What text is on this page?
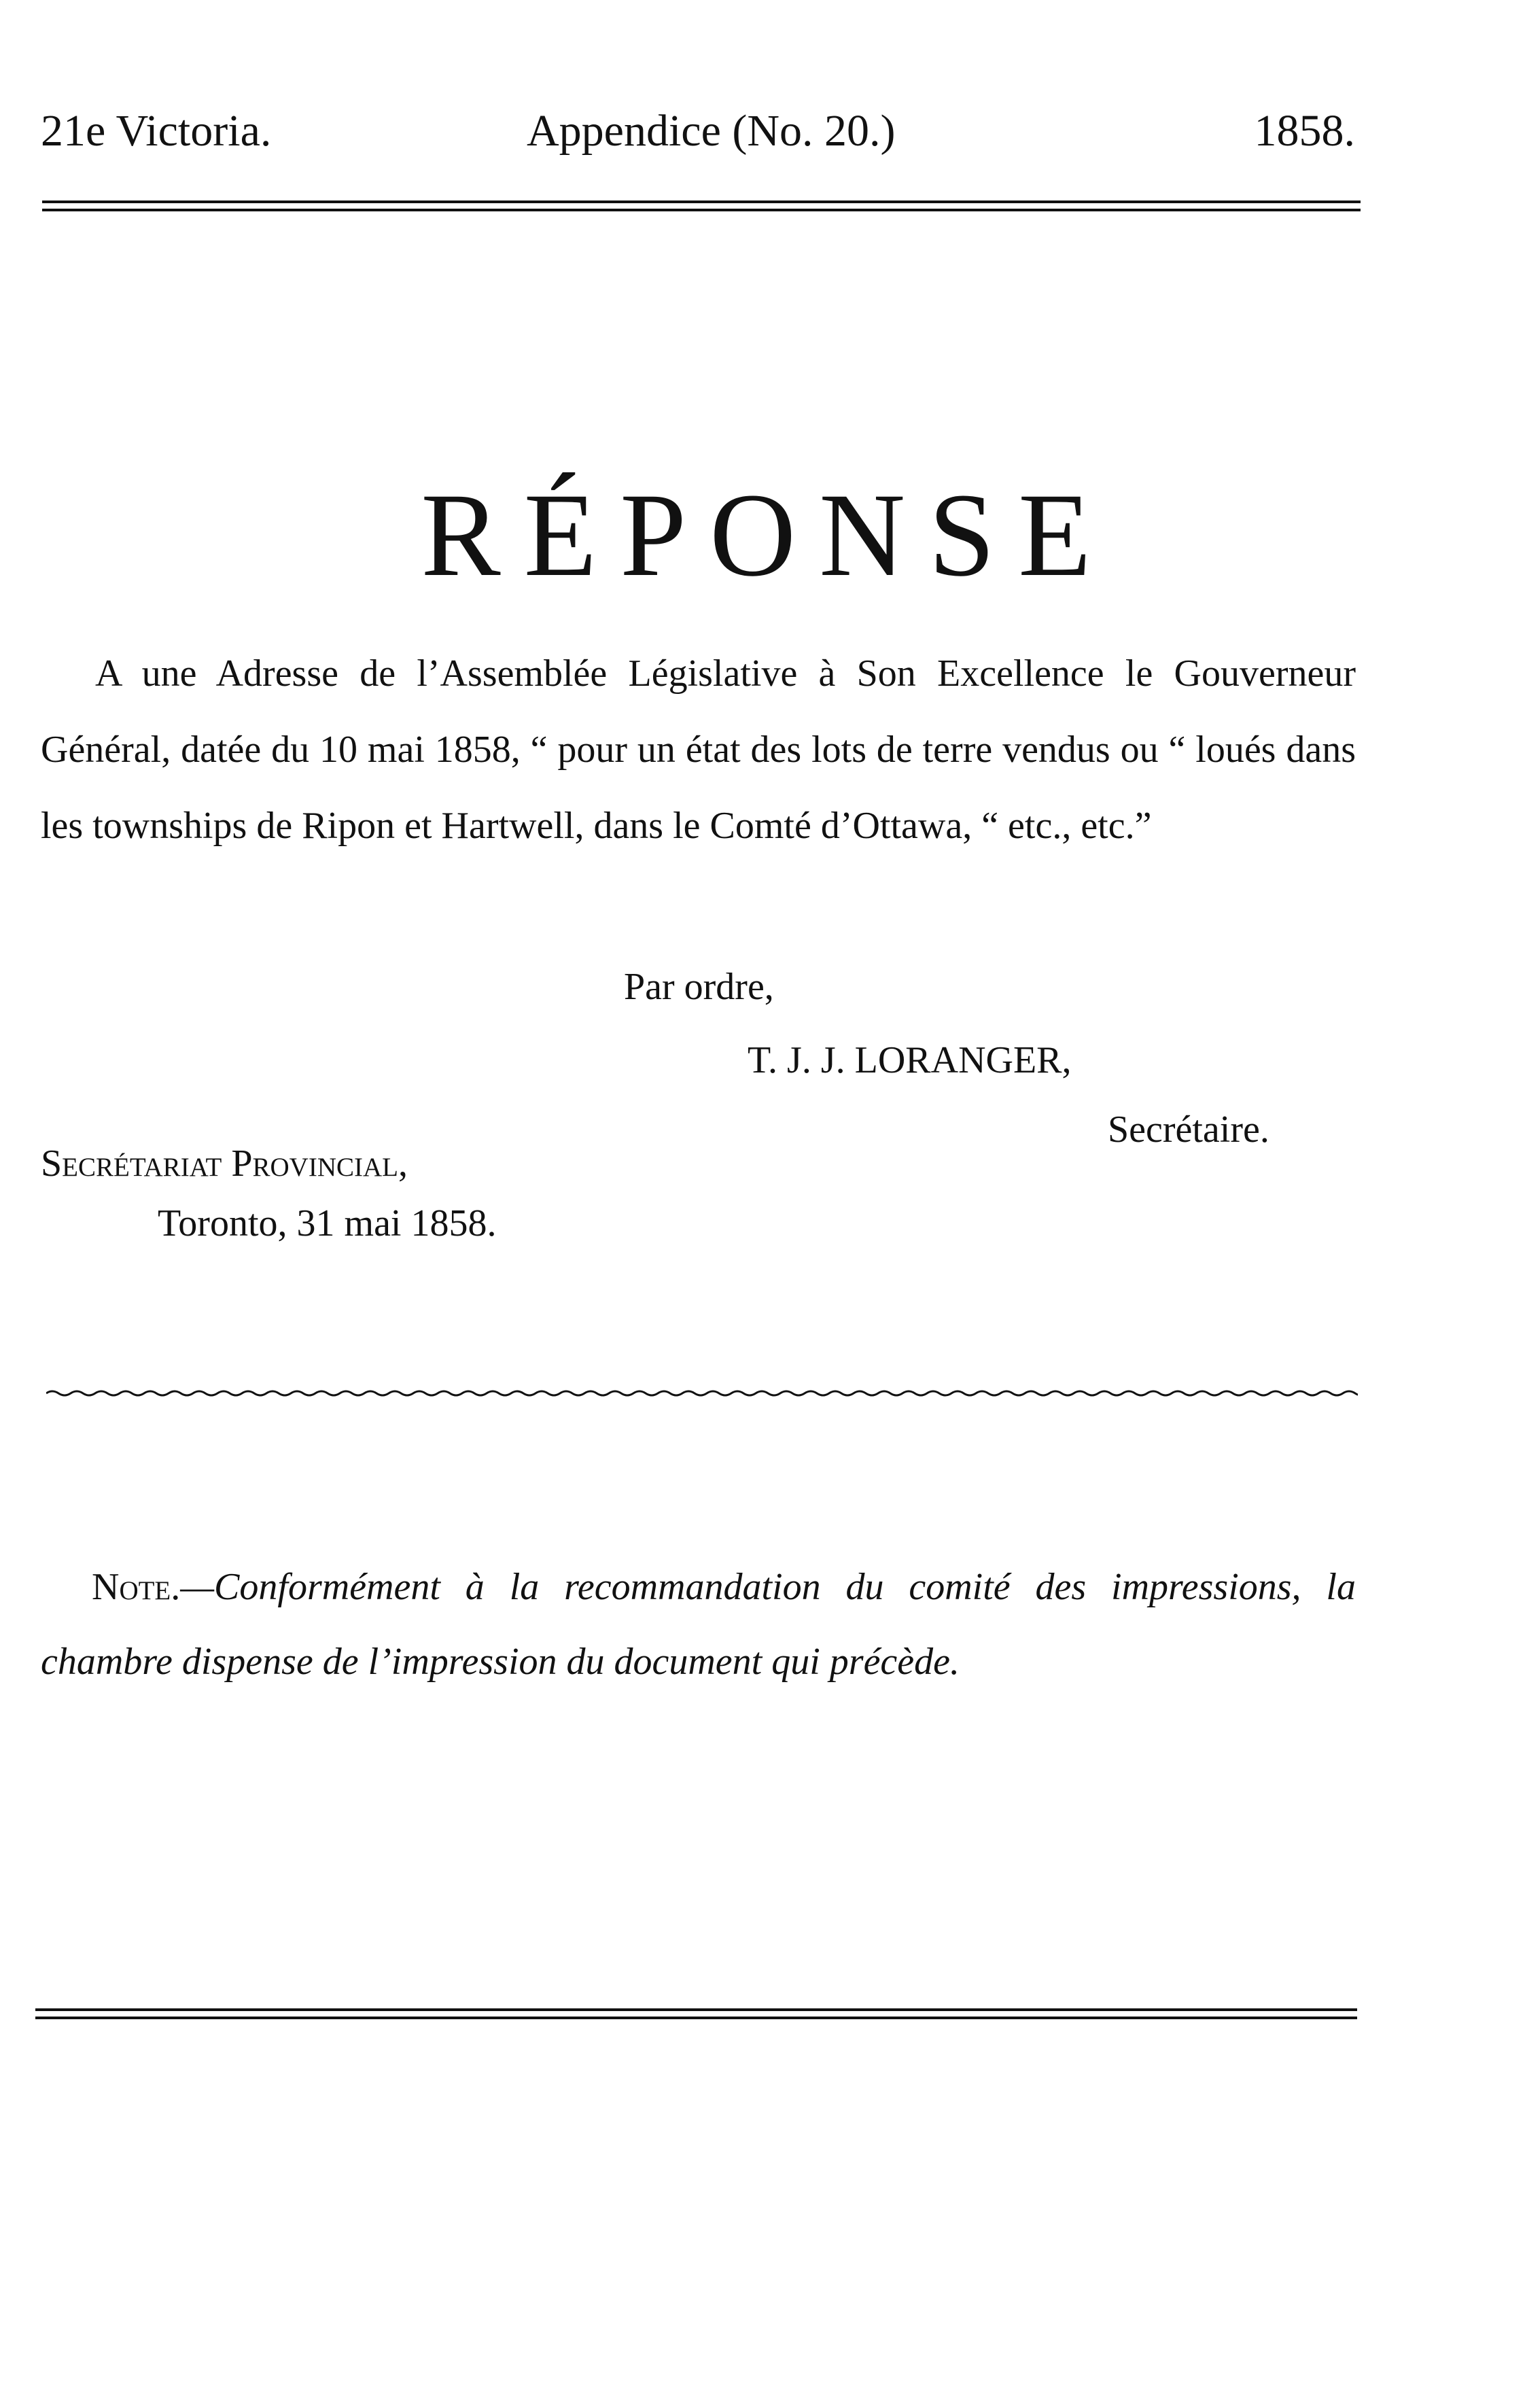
21e Victoria.	Appendice (No. 20.)	1858.
RÉPONSE

A une Adresse de l’Assemblée Législative à Son Excellence le Gouverneur Général, datée du 10 mai 1858, “ pour un état des lots de terre vendus ou “ loués dans les townships de Ripon et Hartwell, dans le Comté d’Ottawa, “ etc., etc.”

Par ordre,
T. J. J. LORANGER,
Secrétaire.
Secrétariat Provincial,
Toronto, 31 mai 1858.

Note.—Conformément à la recommandation du comité des impressions, la chambre dispense de l’impression du document qui précède.
